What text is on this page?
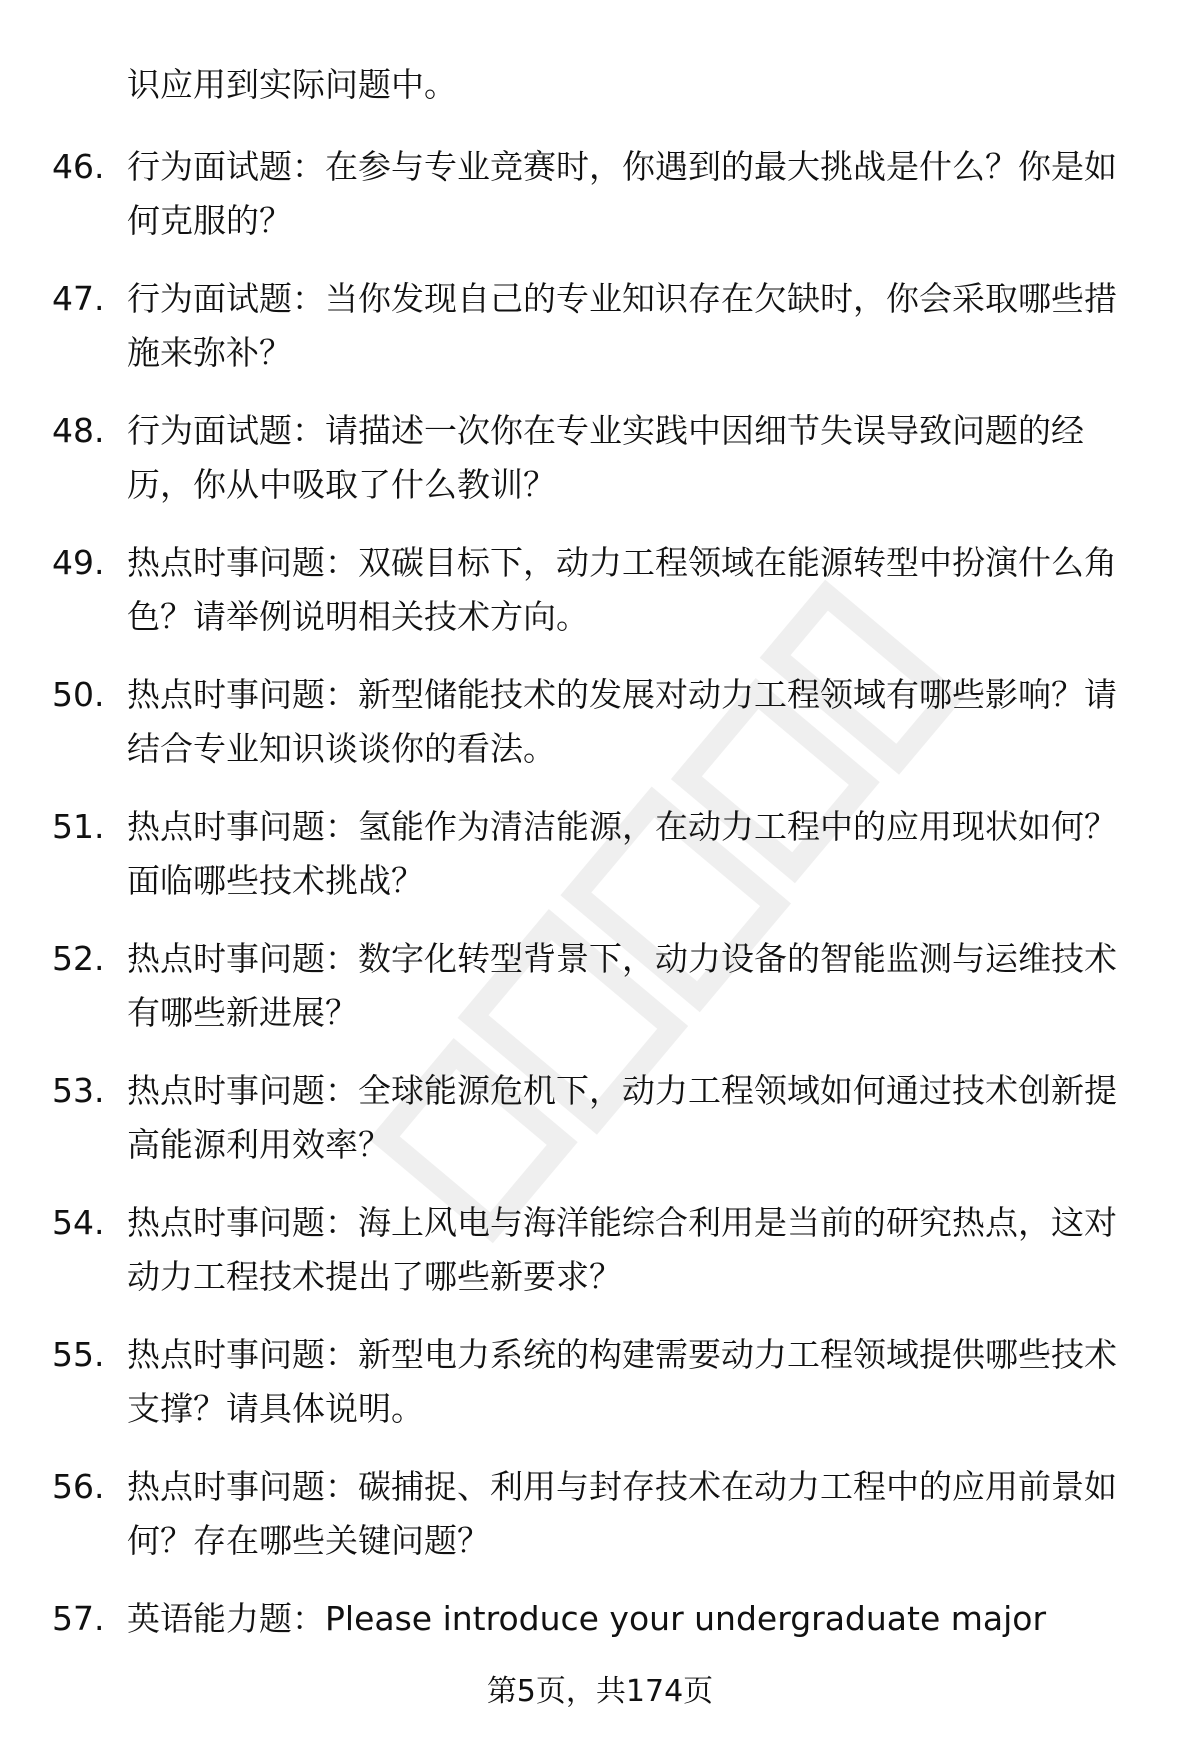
识应用到实际问题中。
46. 行为面试题：在参与专业竞赛时，你遇到的最大挑战是什么？你是如何克服的？
47. 行为面试题：当你发现自己的专业知识存在欠缺时，你会采取哪些措施来弥补？
48. 行为面试题：请描述一次你在专业实践中因细节失误导致问题的经历，你从中吸取了什么教训？
49. 热点时事问题：双碳目标下，动力工程领域在能源转型中扮演什么角色？请举例说明相关技术方向。
50. 热点时事问题：新型储能技术的发展对动力工程领域有哪些影响？请结合专业知识谈谈你的看法。
51. 热点时事问题：氢能作为清洁能源，在动力工程中的应用现状如何？面临哪些技术挑战？
52. 热点时事问题：数字化转型背景下，动力设备的智能监测与运维技术有哪些新进展？
53. 热点时事问题：全球能源危机下，动力工程领域如何通过技术创新提高能源利用效率？
54. 热点时事问题：海上风电与海洋能综合利用是当前的研究热点，这对动力工程技术提出了哪些新要求？
55. 热点时事问题：新型电力系统的构建需要动力工程领域提供哪些技术支撑？请具体说明。
56. 热点时事问题：碳捕捉、利用与封存技术在动力工程中的应用前景如何？存在哪些关键问题？
57. 英语能力题：Please introduce your undergraduate major
第5页，共174页
